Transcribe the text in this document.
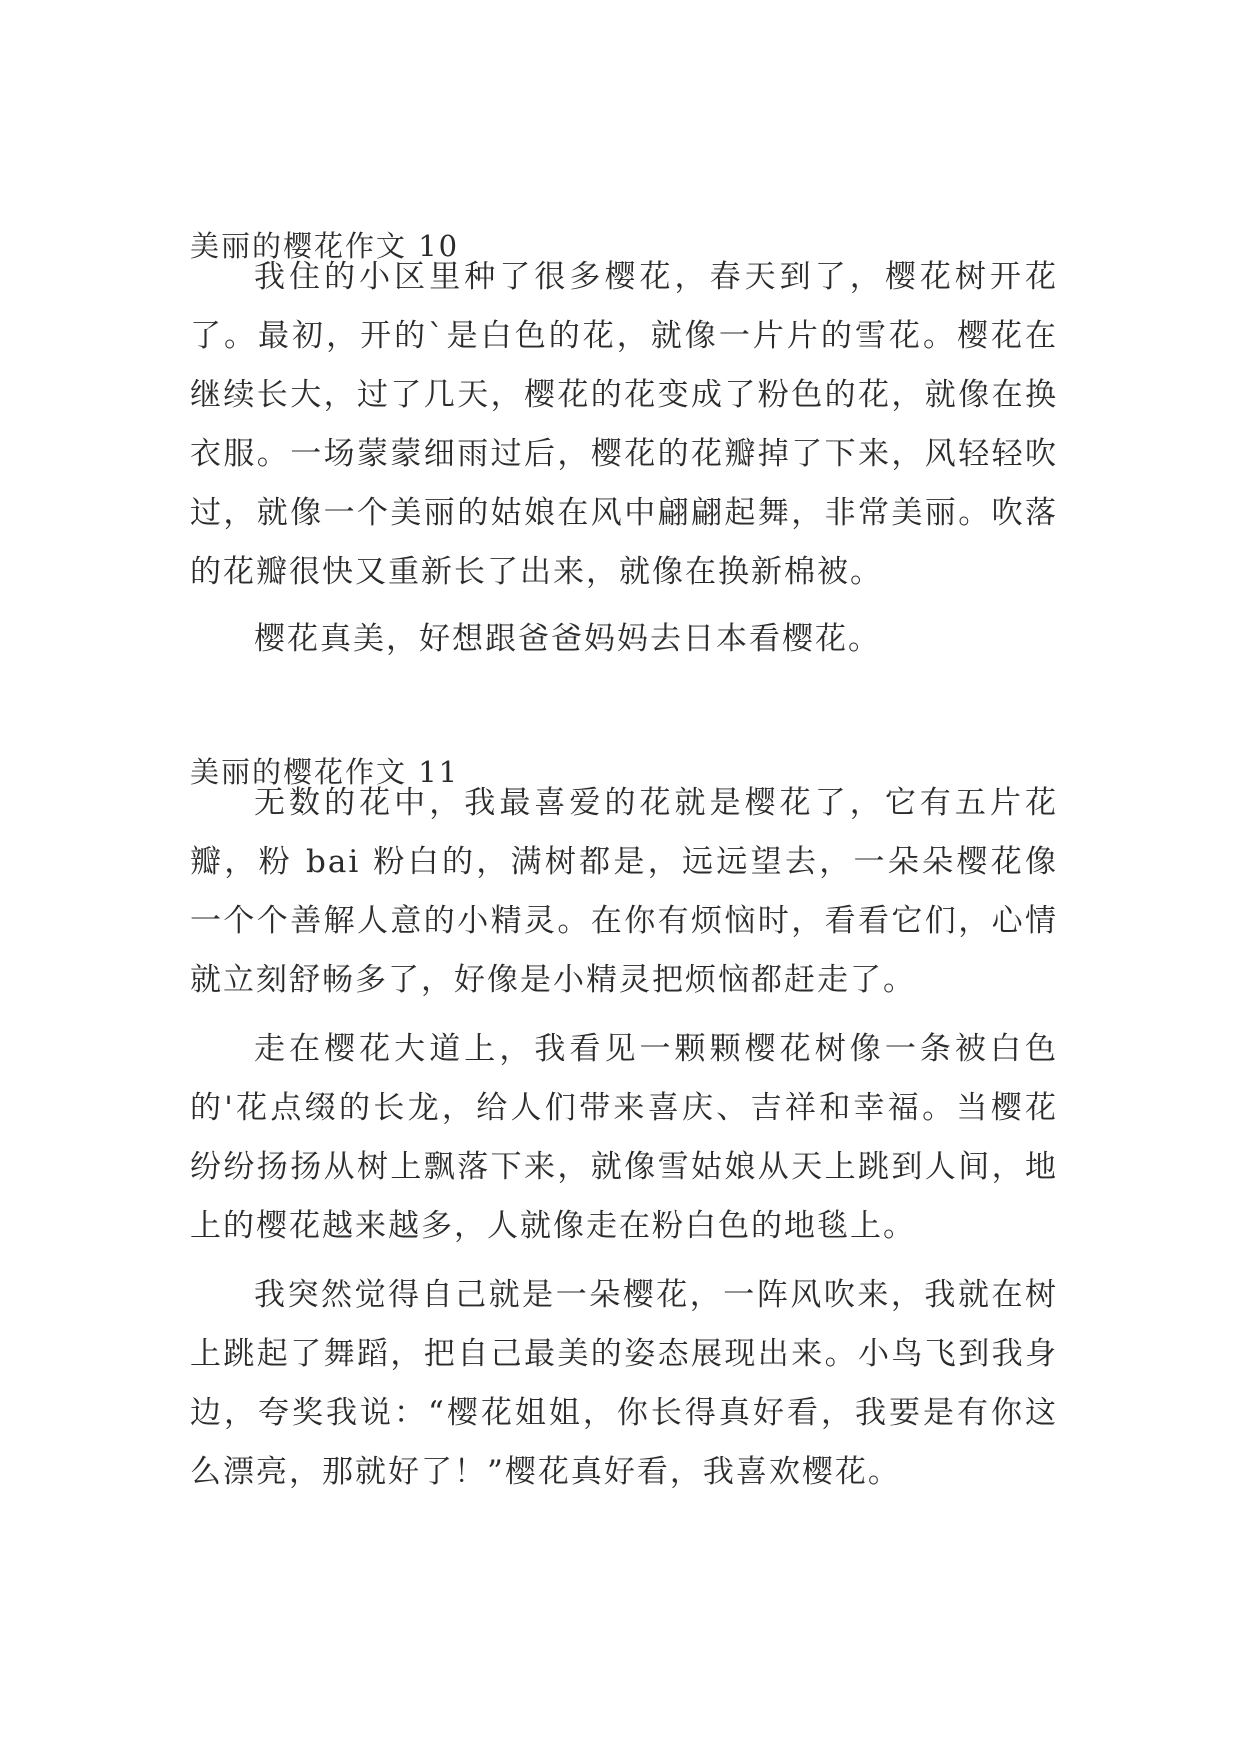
美丽的樱花作文 10

我住的小区里种了很多樱花，春天到了，樱花树开花了。最初，开的`是白色的花，就像一片片的雪花。樱花在继续长大，过了几天，樱花的花变成了粉色的花，就像在换衣服。一场蒙蒙细雨过后，樱花的花瓣掉了下来，风轻轻吹过，就像一个美丽的姑娘在风中翩翩起舞，非常美丽。吹落的花瓣很快又重新长了出来，就像在换新棉被。

樱花真美，好想跟爸爸妈妈去日本看樱花。

美丽的樱花作文 11

无数的花中，我最喜爱的花就是樱花了，它有五片花瓣，粉 bai 粉白的，满树都是，远远望去，一朵朵樱花像一个个善解人意的小精灵。在你有烦恼时，看看它们，心情就立刻舒畅多了，好像是小精灵把烦恼都赶走了。

走在樱花大道上，我看见一颗颗樱花树像一条被白色的'花点缀的长龙，给人们带来喜庆、吉祥和幸福。当樱花纷纷扬扬从树上飘落下来，就像雪姑娘从天上跳到人间，地上的樱花越来越多，人就像走在粉白色的地毯上。

我突然觉得自己就是一朵樱花，一阵风吹来，我就在树上跳起了舞蹈，把自己最美的姿态展现出来。小鸟飞到我身边，夸奖我说：“樱花姐姐，你长得真好看，我要是有你这么漂亮，那就好了！”樱花真好看，我喜欢樱花。
